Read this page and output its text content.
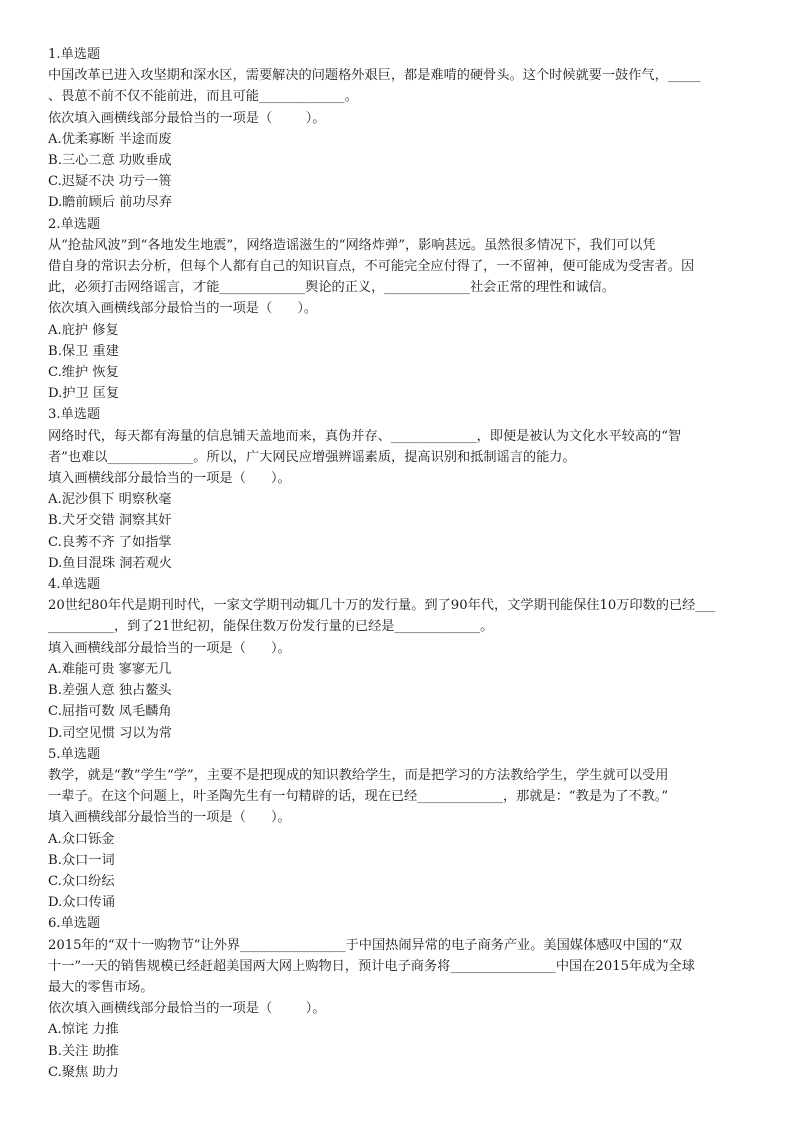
1.单选题

中国改革已进入攻坚期和深水区，需要解决的问题格外艰巨，都是难啃的硬骨头。这个时候就要一鼓作气，_____

、畏葸不前不仅不能前进，而且可能_____________。

依次填入画横线部分最恰当的一项是（        ）。

A.优柔寡断 半途而废

B.三心二意 功败垂成

C.迟疑不决 功亏一篑

D.瞻前顾后 前功尽弃

2.单选题

从“抢盐风波”到“各地发生地震”，网络造谣滋生的“网络炸弹”，影响甚远。虽然很多情况下，我们可以凭

借自身的常识去分析，但每个人都有自己的知识盲点，不可能完全应付得了，一不留神，便可能成为受害者。因

此，必须打击网络谣言，才能_____________舆论的正义，_____________社会正常的理性和诚信。

依次填入画横线部分最恰当的一项是（      ）。

A.庇护 修复

B.保卫 重建

C.维护 恢复

D.护卫 匡复

3.单选题

网络时代，每天都有海量的信息铺天盖地而来，真伪并存、_____________，即便是被认为文化水平较高的“智

者”也难以_____________。所以，广大网民应增强辨谣素质，提高识别和抵制谣言的能力。

填入画横线部分最恰当的一项是（      ）。

A.泥沙俱下 明察秋毫

B.犬牙交错 洞察其奸

C.良莠不齐 了如指掌

D.鱼目混珠 洞若观火

4.单选题

20世纪80年代是期刊时代，一家文学期刊动辄几十万的发行量。到了90年代，文学期刊能保住10万印数的已经___

__________，到了21世纪初，能保住数万份发行量的已经是_____________。

填入画横线部分最恰当的一项是（      ）。

A.难能可贵 寥寥无几

B.差强人意 独占鳌头

C.屈指可数 凤毛麟角

D.司空见惯 习以为常

5.单选题

教学，就是“教”学生“学”，主要不是把现成的知识教给学生，而是把学习的方法教给学生，学生就可以受用

一辈子。在这个问题上，叶圣陶先生有一句精辟的话，现在已经_____________，那就是：“教是为了不教。”

填入画横线部分最恰当的一项是（      ）。

A.众口铄金

B.众口一词

C.众口纷纭

D.众口传诵

6.单选题

2015年的“双十一购物节”让外界________________于中国热闹异常的电子商务产业。美国媒体感叹中国的“双

十一”一天的销售规模已经赶超美国两大网上购物日，预计电子商务将________________中国在2015年成为全球

最大的零售市场。

依次填入画横线部分最恰当的一项是（        ）。

A.惊诧 力推

B.关注 助推

C.聚焦 助力
